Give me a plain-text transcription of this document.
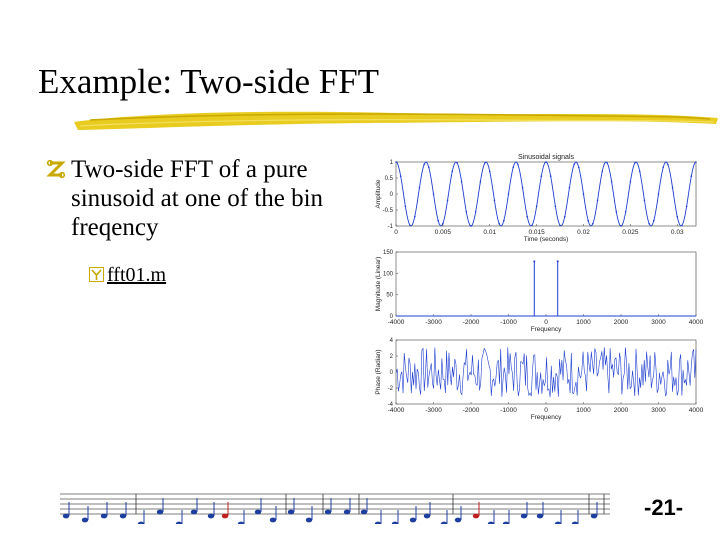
Example: Two-side FFT
Two-side FFT of a pure sinusoid at one of the bin freqency
fft01.m
0	0.005	0.01	0.015	0.02	0.025	0.03
1
0.5
0
-0.5
-1
Sinusoidal signals
Time (seconds)
Amplitude
-4000	-3000	-2000	-1000	0	1000	2000	3000	4000
150
100
50
0
Frequency
Magnitude (Linear)
-4000	-3000	-2000	-1000	0	1000	2000	3000	4000
4
2
0
-2
-4
Frequency
Phase (Radian)
-21-
